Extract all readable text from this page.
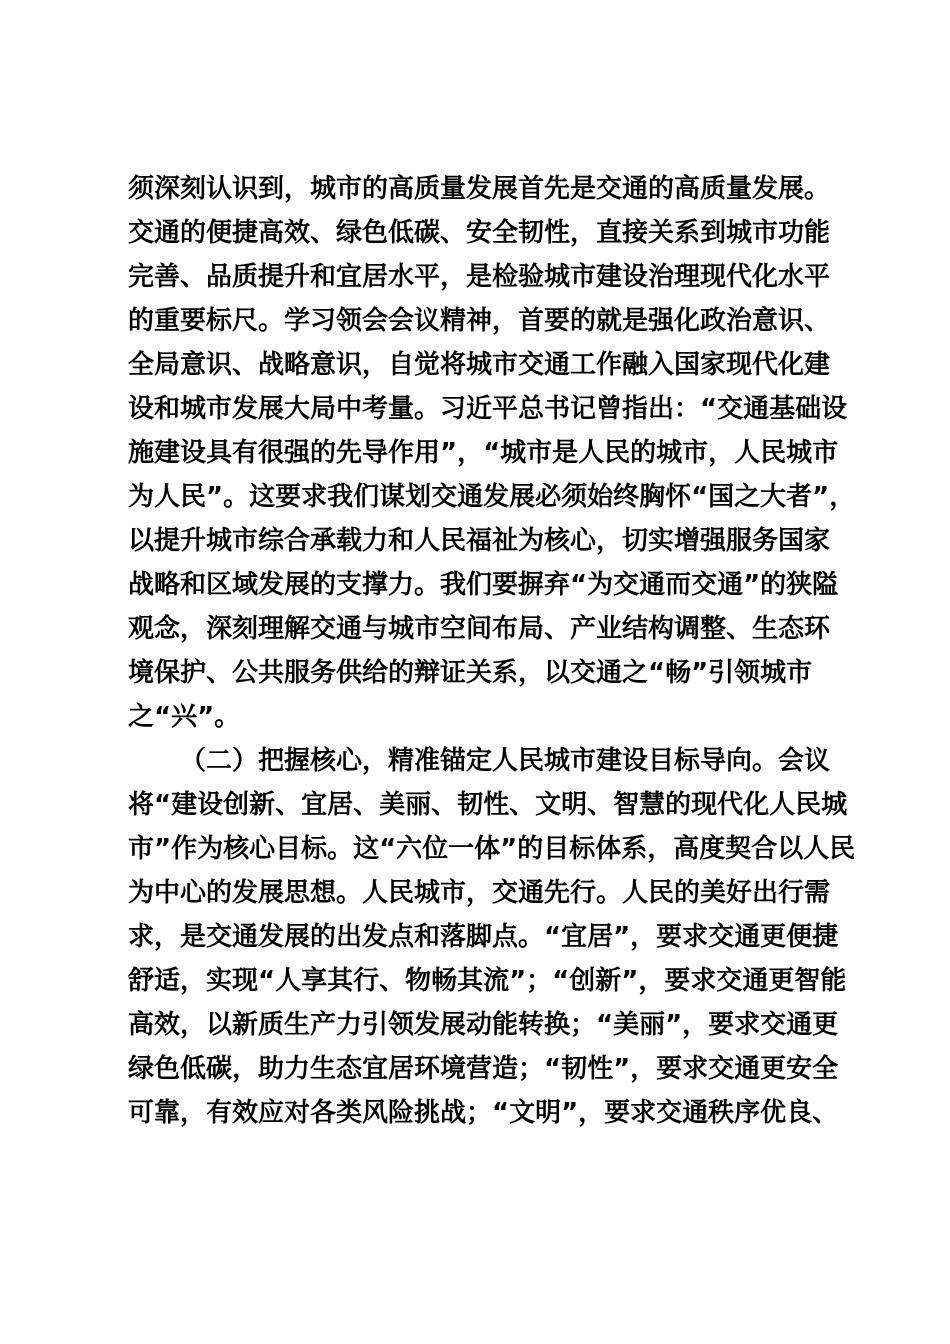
须深刻认识到，城市的高质量发展首先是交通的高质量发展。
交通的便捷高效、绿色低碳、安全韧性，直接关系到城市功能
完善、品质提升和宜居水平，是检验城市建设治理现代化水平
的重要标尺。学习领会会议精神，首要的就是强化政治意识、
全局意识、战略意识，自觉将城市交通工作融入国家现代化建
设和城市发展大局中考量。习近平总书记曾指出：“交通基础设
施建设具有很强的先导作用”，“城市是人民的城市，人民城市
为人民”。这要求我们谋划交通发展必须始终胸怀“国之大者”，
以提升城市综合承载力和人民福祉为核心，切实增强服务国家
战略和区域发展的支撑力。我们要摒弃“为交通而交通”的狭隘
观念，深刻理解交通与城市空间布局、产业结构调整、生态环
境保护、公共服务供给的辩证关系，以交通之“畅”引领城市
之“兴”。
（二）把握核心，精准锚定人民城市建设目标导向。会议
将“建设创新、宜居、美丽、韧性、文明、智慧的现代化人民城
市”作为核心目标。这“六位一体”的目标体系，高度契合以人民
为中心的发展思想。人民城市，交通先行。人民的美好出行需
求，是交通发展的出发点和落脚点。“宜居”，要求交通更便捷
舒适，实现“人享其行、物畅其流”；“创新”，要求交通更智能
高效，以新质生产力引领发展动能转换；“美丽”，要求交通更
绿色低碳，助力生态宜居环境营造；“韧性”，要求交通更安全
可靠，有效应对各类风险挑战；“文明”，要求交通秩序优良、
